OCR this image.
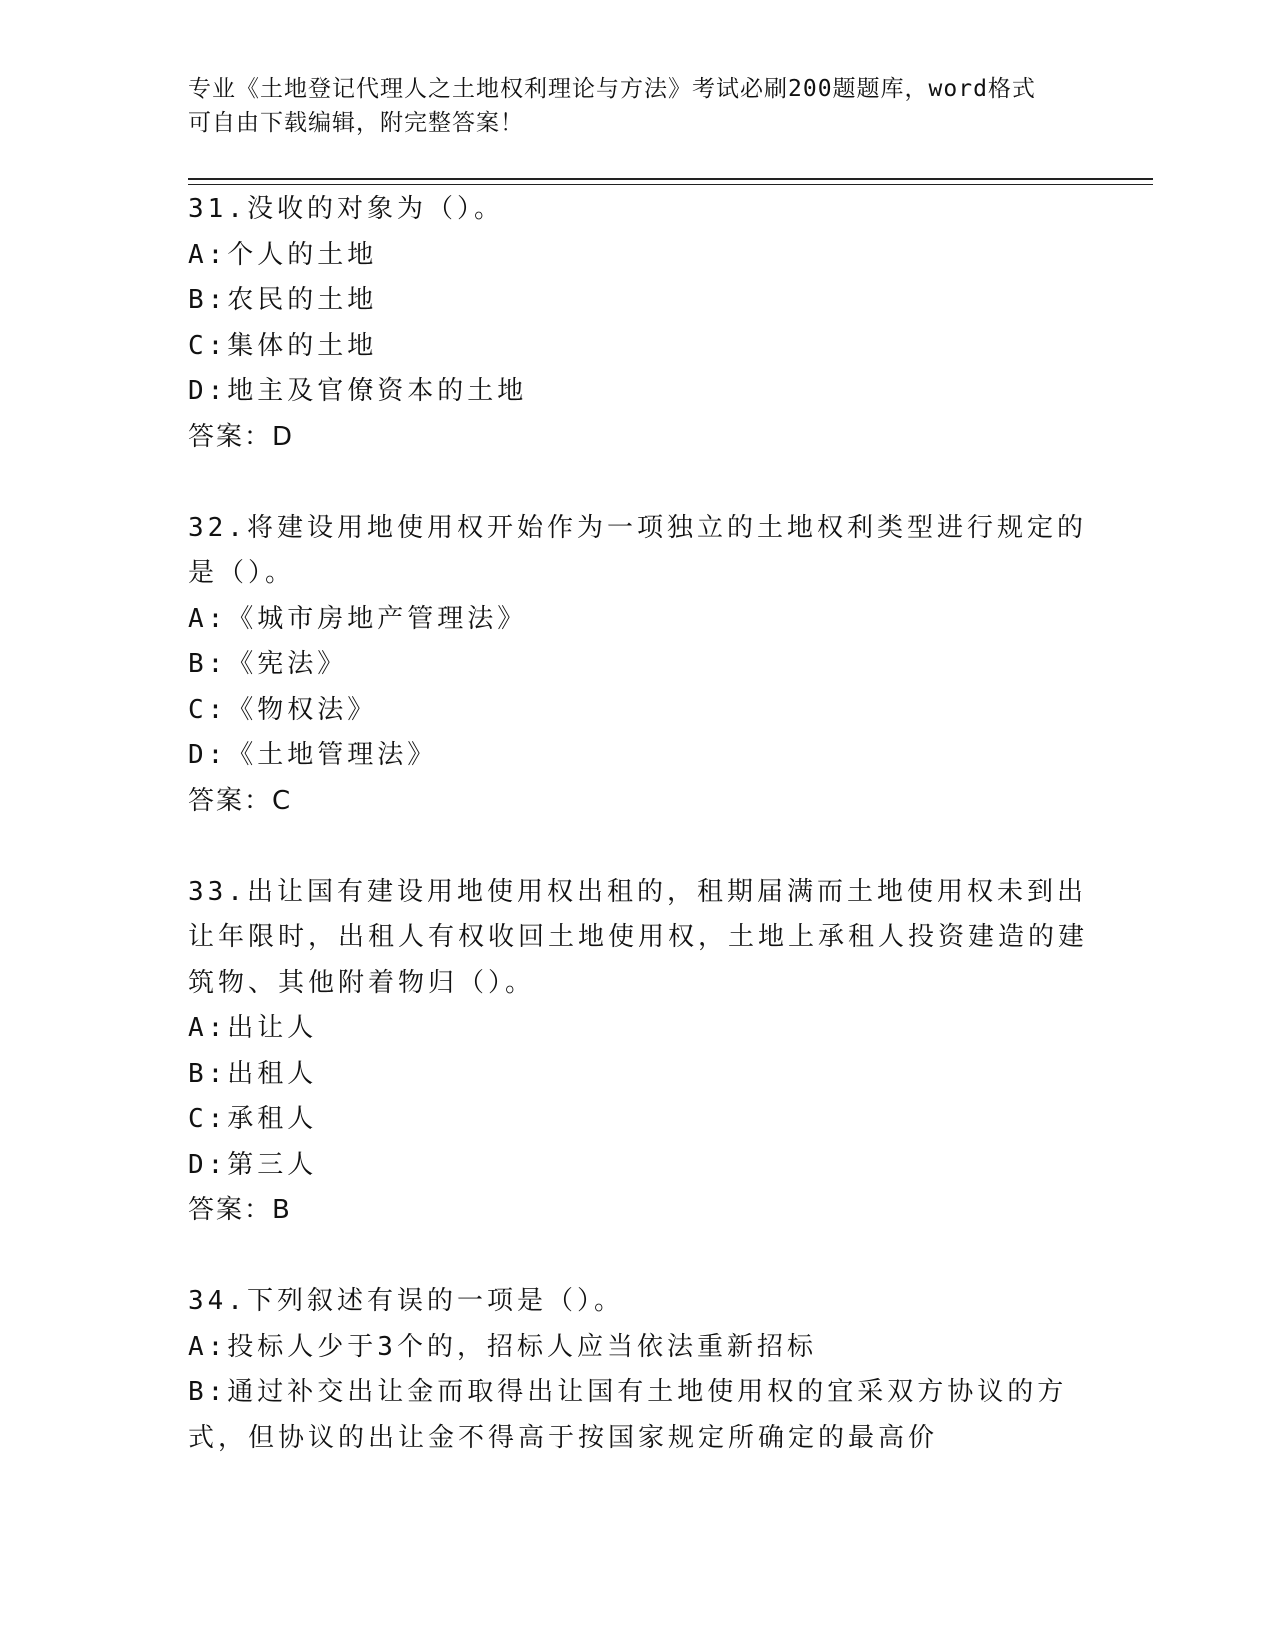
专业《土地登记代理人之土地权利理论与方法》考试必刷200题题库，word格式
可自由下载编辑，附完整答案！
31.没收的对象为（）。
A:个人的土地
B:农民的土地
C:集体的土地
D:地主及官僚资本的土地
答案：D
32.将建设用地使用权开始作为一项独立的土地权利类型进行规定的是（）。
A:《城市房地产管理法》
B:《宪法》
C:《物权法》
D:《土地管理法》
答案：C
33.出让国有建设用地使用权出租的，租期届满而土地使用权未到出让年限时，出租人有权收回土地使用权，土地上承租人投资建造的建筑物、其他附着物归（）。
A:出让人
B:出租人
C:承租人
D:第三人
答案：B
34.下列叙述有误的一项是（）。
A:投标人少于3个的，招标人应当依法重新招标
B:通过补交出让金而取得出让国有土地使用权的宜采双方协议的方式，但协议的出让金不得高于按国家规定所确定的最高价
